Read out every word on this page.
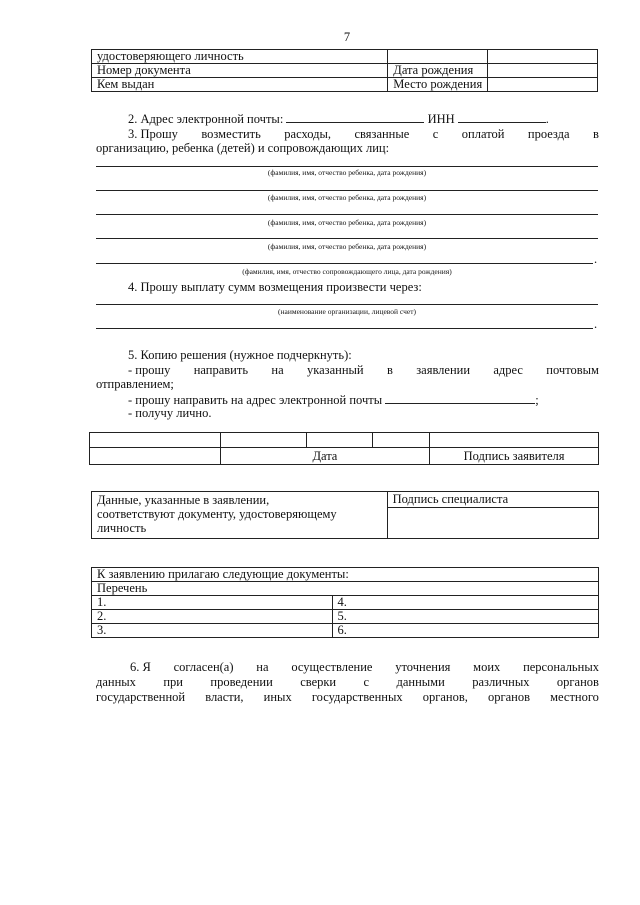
7
удостоверяющего личность		
Номер документа	Дата рождения	
Кем выдан	Место рождения	
2. Адрес электронной почты:	ИНН	.
3. Прошу возместить расходы, связанные с оплатой проезда в
организацию, ребенка (детей) и сопровождающих лиц:
(фамилия, имя, отчество ребенка, дата рождения)
(фамилия, имя, отчество ребенка, дата рождения)
(фамилия, имя, отчество ребенка, дата рождения)
(фамилия, имя, отчество ребенка, дата рождения)
.
(фамилия, имя, отчество сопровождающего лица, дата рождения)
4. Прошу выплату сумм возмещения произвести через:
(наименование организации, лицевой счет)
.
5. Копию решения (нужное подчеркнуть):
- прошу направить на указанный в заявлении адрес почтовым
отправлением;
- прошу направить на адрес электронной почты	;
- получу лично.

	Дата			Подпись заявителя
Данные, указанные в заявлении,
соответствуют документу, удостоверяющему
личность

Подпись специалиста
К заявлению прилагаю следующие документы:	
Перечень	
1.	4.
2.	5.
3.	6.
6. Я согласен(а) на осуществление уточнения моих персональных
данных при проведении сверки с данными различных органов
государственной власти, иных государственных органов, органов местного
